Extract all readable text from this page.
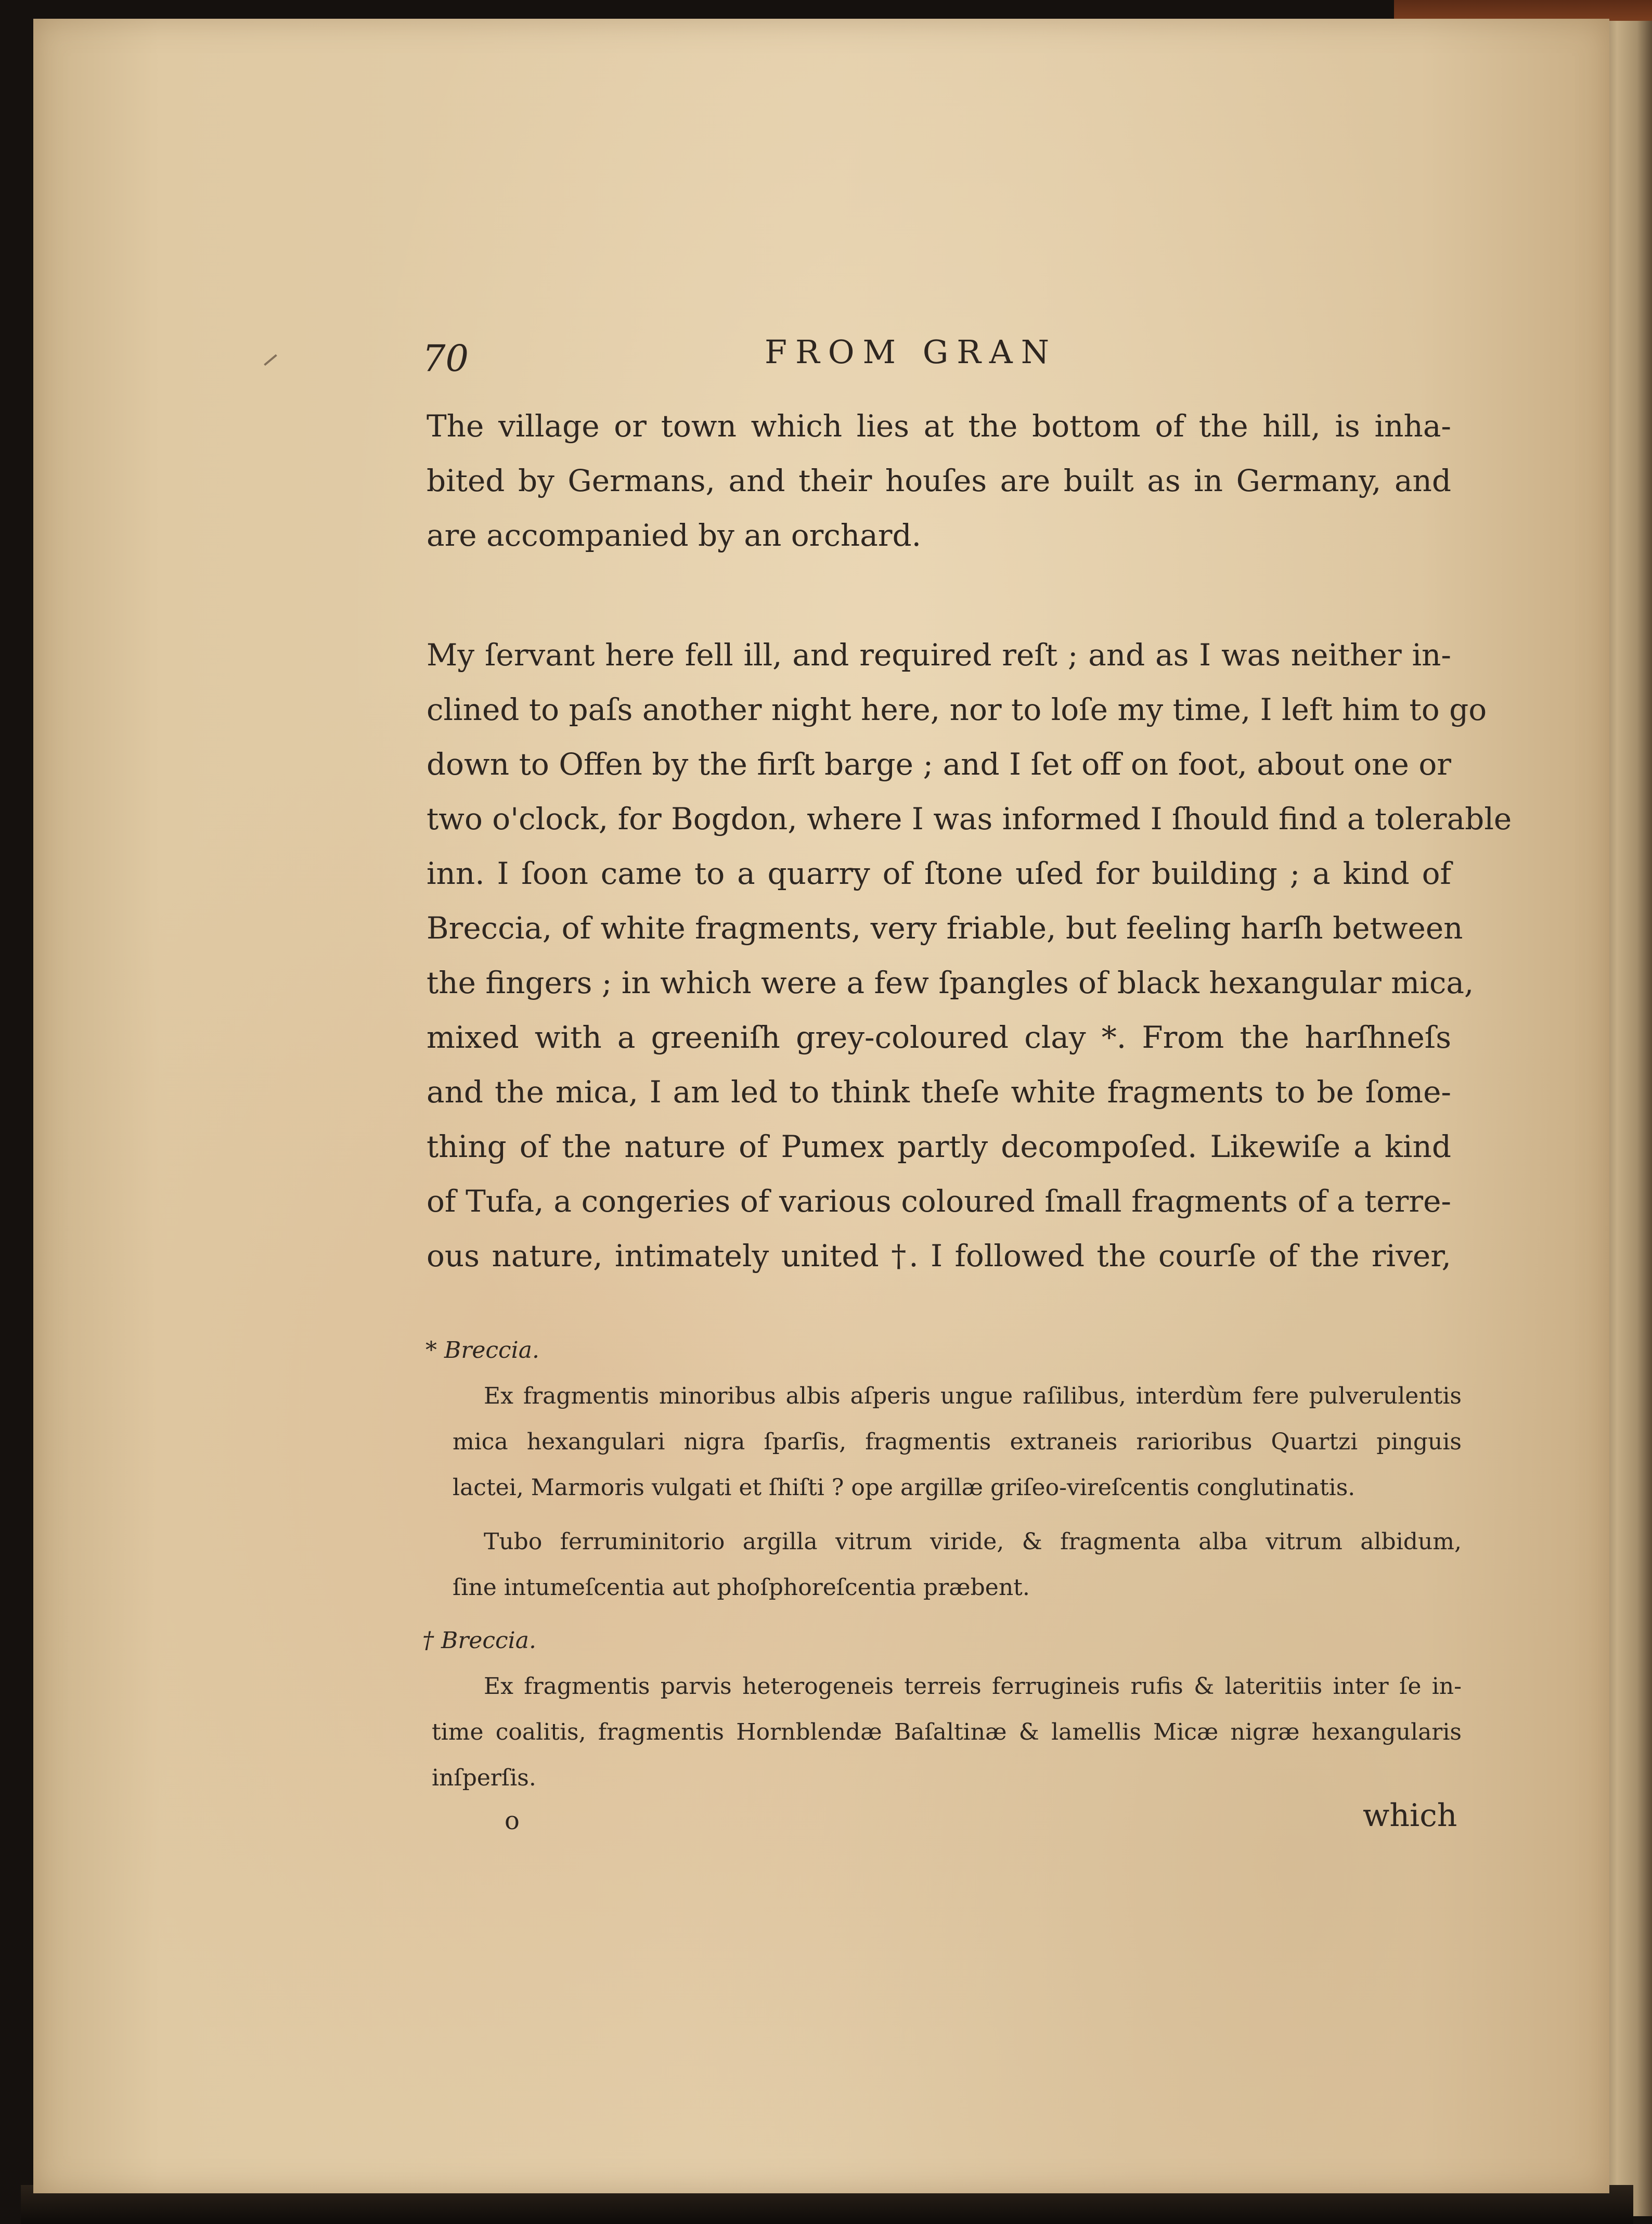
70	FROM GRAN
The village or town which lies at the bottom of the hill, is inha-
bited by Germans, and their houſes are built as in Germany, and
are accompanied by an orchard.
My ſervant here fell ill, and required reſt ; and as I was neither in-
clined to paſs another night here, nor to loſe my time, I left him to go
down to Offen by the firſt barge ; and I ſet off on foot, about one or
two o'clock, for Bogdon, where I was informed I ſhould find a tolerable
inn. I ſoon came to a quarry of ſtone uſed for building ; a kind of
Breccia, of white fragments, very friable, but feeling harſh between
the fingers ; in which were a few ſpangles of black hexangular mica,
mixed with a greeniſh grey-coloured clay *. From the harſhneſs
and the mica, I am led to think theſe white fragments to be ſome-
thing of the nature of Pumex partly decompoſed. Likewiſe a kind
of Tufa, a congeries of various coloured ſmall fragments of a terre-
ous nature, intimately united †. I followed the courſe of the river,
* Breccia.
Ex fragmentis minoribus albis aſperis ungue raſilibus, interdùm fere pulverulentis
mica hexangulari nigra ſparſis, fragmentis extraneis rarioribus Quartzi pinguis
lactei, Marmoris vulgati et ſhiſti ? ope argillæ griſeo-vireſcentis conglutinatis.
Tubo ferruminitorio argilla vitrum viride, & fragmenta alba vitrum albidum,
ſine intumeſcentia aut phoſphoreſcentia præbent.
† Breccia.
Ex fragmentis parvis heterogeneis terreis ferrugineis rufis & lateritiis inter ſe in-
time coalitis, fragmentis Hornblendæ Baſaltinæ & lamellis Micæ nigræ hexangularis
inſperſis.
o	which
